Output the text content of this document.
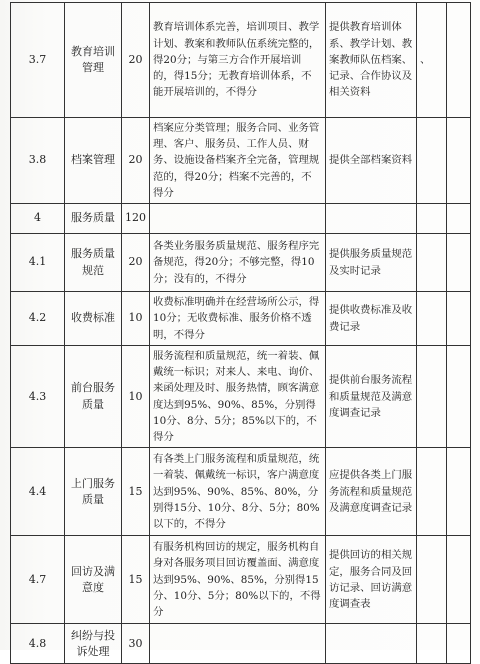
3.7	教育培训管理	20	教育培训体系完善，培训项目、教学计划、教案和教师队伍系统完整的，得20分；与第三方合作开展培训的，得15分；无教育培训体系，不能开展培训的，不得分	提供教育培训体系、教学计划、教案教师队伍档案、记录、合作协议及相关资料	、	
3.8	档案管理	20	档案应分类管理；服务合同、业务管理、客户、服务员、工作人员、财务、设施设备档案齐全完备，管理规范的，得20分；档案不完善的，不得分	提供全部档案资料		
4	服务质量	120				
4.1	服务质量规范	20	各类业务服务质量规范、服务程序完备规范，得20分；不够完整，得10分；没有的，不得分	提供服务质量规范及实时记录		
4.2	收费标准	10	收费标准明确并在经营场所公示，得10分；无收费标准、服务价格不透明，不得分	提供收费标准及收费记录		
4.3	前台服务质量	10	服务流程和质量规范，统一着装、佩戴统一标识；对来人、来电、询价、来函处理及时、服务热情，顾客满意度达到95%、90%、85%，分别得10分、8分、5分；85%以下的，不得分	提供前台服务流程和质量规范及满意度调查记录		
4.4	上门服务质量	15	有各类上门服务流程和质量规范，统一着装、佩戴统一标识，客户满意度达到95%、90%、85%、80%，分别得15分、10分、8分、5分；80%以下的，不得分	应提供各类上门服务流程和质量规范及满意度调查记录		
4.7	回访及满意度	15	有服务机构回访的规定，服务机构自身对各服务项目回访覆盖面、满意度达到95%、90%、85%，分别得15分、10分、5分；80%以下的，不得分	提供回访的相关规定，服务合同及回访记录、回访满意度调查表		
4.8	纠纷与投诉处理	30				
